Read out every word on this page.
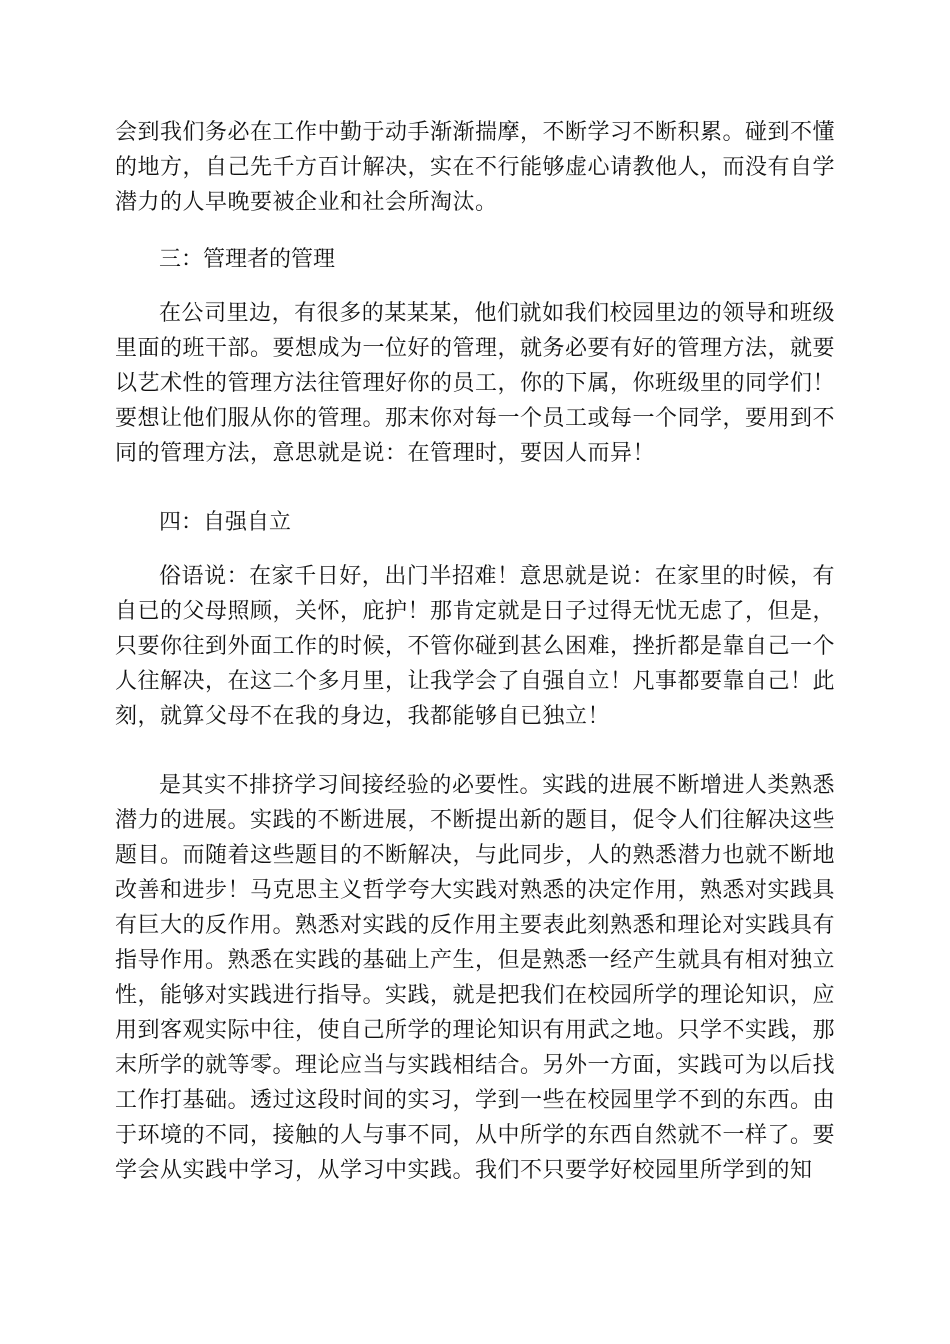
会到我们务必在工作中勤于动手渐渐揣摩，不断学习不断积累。碰到不懂的地方，自己先千方百计解决，实在不行能够虚心请教他人，而没有自学潜力的人早晚要被企业和社会所淘汰。

三：管理者的管理

在公司里边，有很多的某某某，他们就如我们校园里边的领导和班级里面的班干部。要想成为一位好的管理，就务必要有好的管理方法，就要以艺术性的管理方法往管理好你的员工，你的下属，你班级里的同学们！要想让他们服从你的管理。那末你对每一个员工或每一个同学，要用到不同的管理方法，意思就是说：在管理时，要因人而异！

四：自强自立

俗语说：在家千日好，出门半招难！意思就是说：在家里的时候，有自已的父母照顾，关怀，庇护！那肯定就是日子过得无忧无虑了，但是，只要你往到外面工作的时候，不管你碰到甚么困难，挫折都是靠自己一个人往解决，在这二个多月里，让我学会了自强自立！凡事都要靠自己！此刻，就算父母不在我的身边，我都能够自已独立！

是其实不排挤学习间接经验的必要性。实践的进展不断增进人类熟悉潜力的进展。实践的不断进展，不断提出新的题目，促令人们往解决这些题目。而随着这些题目的不断解决，与此同步，人的熟悉潜力也就不断地改善和进步！马克思主义哲学夸大实践对熟悉的决定作用，熟悉对实践具有巨大的反作用。熟悉对实践的反作用主要表此刻熟悉和理论对实践具有指导作用。熟悉在实践的基础上产生，但是熟悉一经产生就具有相对独立性，能够对实践进行指导。实践，就是把我们在校园所学的理论知识，应用到客观实际中往，使自己所学的理论知识有用武之地。只学不实践，那末所学的就等零。理论应当与实践相结合。另外一方面，实践可为以后找工作打基础。透过这段时间的实习，学到一些在校园里学不到的东西。由于环境的不同，接触的人与事不同，从中所学的东西自然就不一样了。要学会从实践中学习，从学习中实践。我们不只要学好校园里所学到的知
